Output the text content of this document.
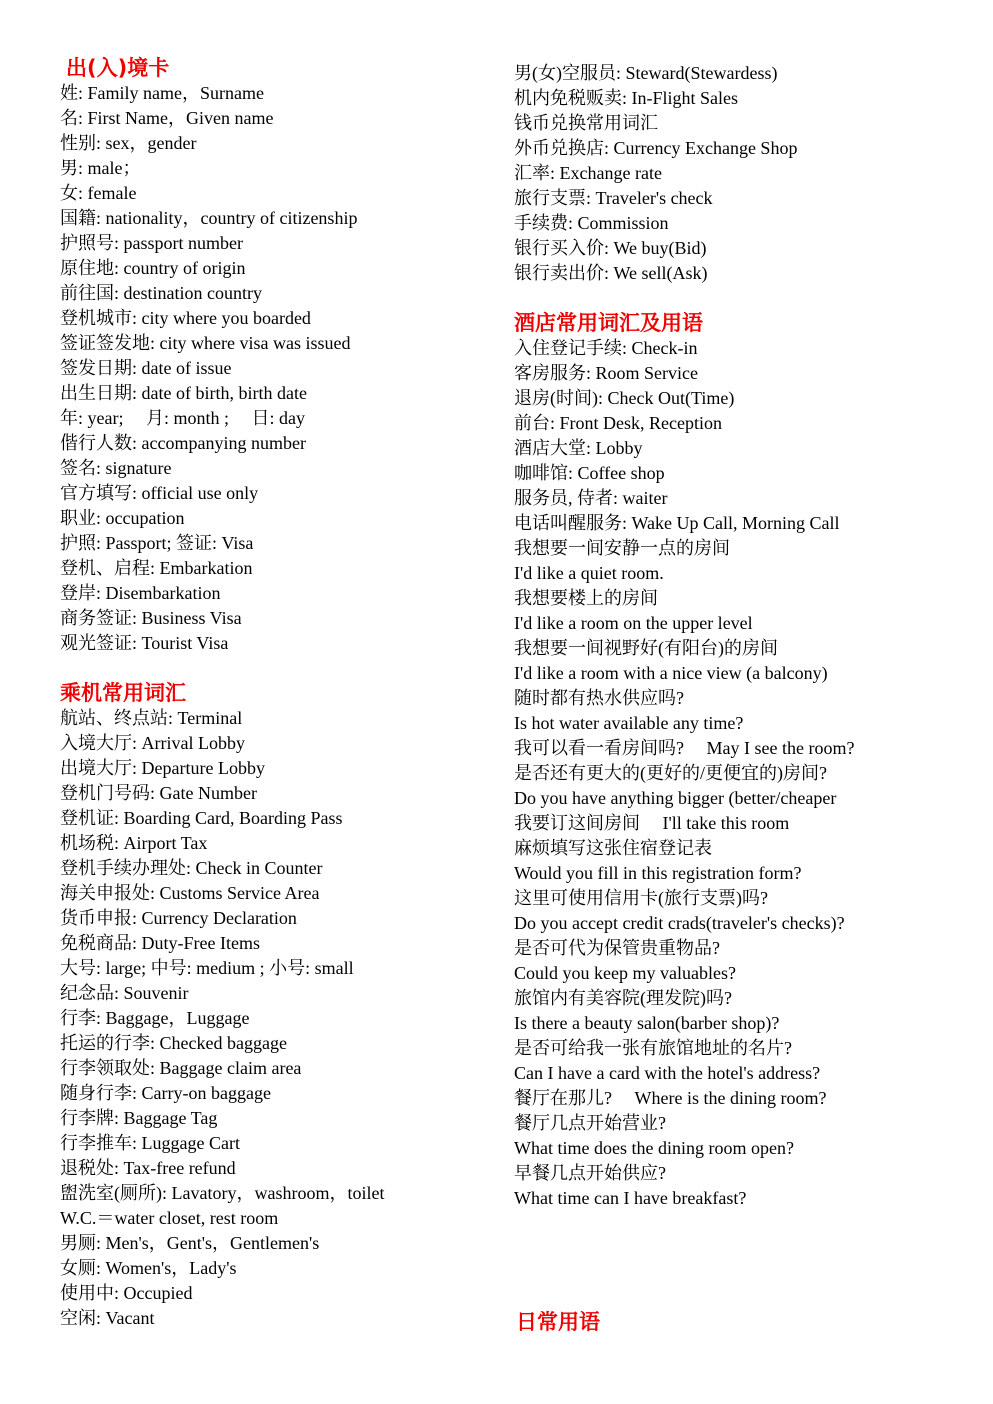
出(入)境卡
姓: Family name，Surname
名: First Name，Given name
性别: sex，gender
男: male；
女: female
国籍: nationality，country of citizenship
护照号: passport number
原住地: country of origin
前往国: destination country
登机城市: city where you boarded
签证签发地: city where visa was issued
签发日期: date of issue
出生日期: date of birth, birth date
年: year;     月: month ;     日: day
偕行人数: accompanying number
签名: signature
官方填写: official use only
职业: occupation
护照: Passport; 签证: Visa
登机、启程: Embarkation
登岸: Disembarkation
商务签证: Business Visa
观光签证: Tourist Visa
乘机常用词汇
航站、终点站: Terminal
入境大厅: Arrival Lobby
出境大厅: Departure Lobby
登机门号码: Gate Number
登机证: Boarding Card, Boarding Pass
机场税: Airport Tax
登机手续办理处: Check in Counter
海关申报处: Customs Service Area
货币申报: Currency Declaration
免税商品: Duty-Free Items
大号: large; 中号: medium ; 小号: small
纪念品: Souvenir
行李: Baggage，Luggage
托运的行李: Checked baggage
行李领取处: Baggage claim area
随身行李: Carry-on baggage
行李牌: Baggage Tag
行李推车: Luggage Cart
退税处: Tax-free refund
盥洗室(厕所): Lavatory，washroom，toilet
W.C.＝water closet, rest room
男厕: Men's，Gent's，Gentlemen's
女厕: Women's，Lady's
使用中: Occupied
空闲: Vacant
男(女)空服员: Steward(Stewardess)
机内免税贩卖: In-Flight Sales
钱币兑换常用词汇
外币兑换店: Currency Exchange Shop
汇率: Exchange rate
旅行支票: Traveler's check
手续费: Commission
银行买入价: We buy(Bid)
银行卖出价: We sell(Ask)
酒店常用词汇及用语
入住登记手续: Check-in
客房服务: Room Service
退房(时间): Check Out(Time)
前台: Front Desk, Reception
酒店大堂: Lobby
咖啡馆: Coffee shop
服务员, 侍者: waiter
电话叫醒服务: Wake Up Call, Morning Call
我想要一间安静一点的房间
I'd like a quiet room.
我想要楼上的房间
I'd like a room on the upper level
我想要一间视野好(有阳台)的房间
I'd like a room with a nice view (a balcony)
随时都有热水供应吗?
Is hot water available any time?
我可以看一看房间吗?     May I see the room?
是否还有更大的(更好的/更便宜的)房间?
Do you have anything bigger (better/cheaper
我要订这间房间     I'll take this room
麻烦填写这张住宿登记表
Would you fill in this registration form?
这里可使用信用卡(旅行支票)吗?
Do you accept credit crads(traveler's checks)?
是否可代为保管贵重物品?
Could you keep my valuables?
旅馆内有美容院(理发院)吗?
Is there a beauty salon(barber shop)?
是否可给我一张有旅馆地址的名片?
Can I have a card with the hotel's address?
餐厅在那儿?     Where is the dining room?
餐厅几点开始营业?
What time does the dining room open?
早餐几点开始供应?
What time can I have breakfast?
日常用语
